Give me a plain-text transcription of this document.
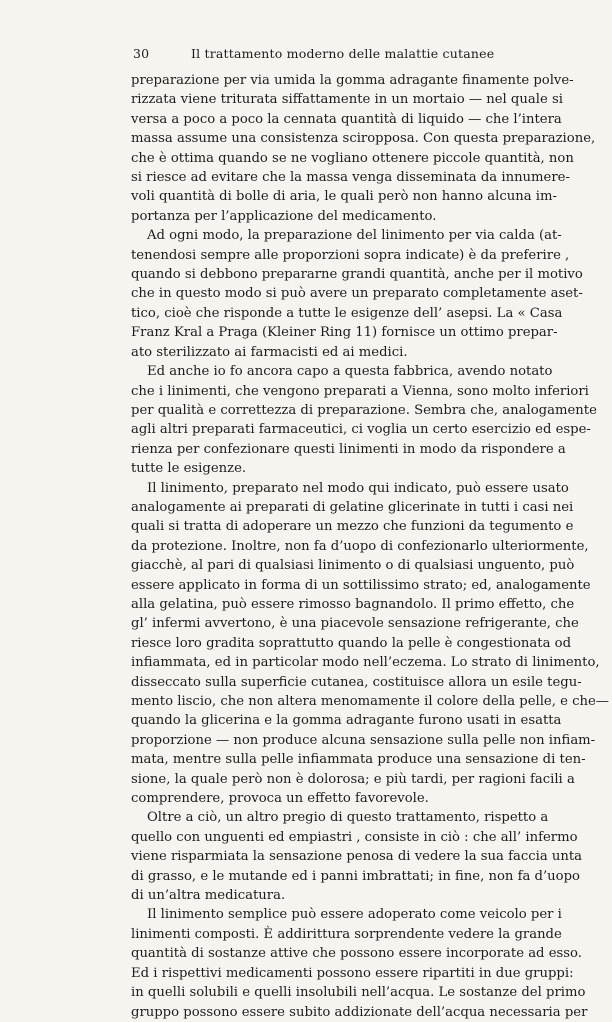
30	Il trattamento moderno delle malattie cutanee
preparazione per via umida la gomma adragante finamente polve-
rizzata viene triturata siffattamente in un mortaio — nel quale si
versa a poco a poco la cennata quantità di liquido — che l’intera
massa assume una consistenza sciropposa. Con questa preparazione,
che è ottima quando se ne vogliano ottenere piccole quantità, non
si riesce ad evitare che la massa venga disseminata da innumere-
voli quantità di bolle di aria, le quali però non hanno alcuna im-
portanza per l’applicazione del medicamento.
Ad ogni modo, la preparazione del linimento per via calda (at-
tenendosi sempre alle proporzioni sopra indicate) è da preferire ,
quando si debbono prepararne grandi quantità, anche per il motivo
che in questo modo si può avere un preparato completamente aset-
tico, cioè che risponde a tutte le esigenze dell’ asepsi. La « Casa
Franz Kral a Praga (Kleiner Ring 11) fornisce un ottimo prepar-
ato sterilizzato ai farmacisti ed ai medici.
Ed anche io fo ancora capo a questa fabbrica, avendo notato
che i linimenti, che vengono preparati a Vienna, sono molto inferiori
per qualità e correttezza di preparazione. Sembra che, analogamente
agli altri preparati farmaceutici, ci voglia un certo esercizio ed espe-
rienza per confezionare questi linimenti in modo da rispondere a
tutte le esigenze.
Il linimento, preparato nel modo qui indicato, può essere usato
analogamente ai preparati di gelatine glicerinate in tutti i casi nei
quali si tratta di adoperare un mezzo che funzioni da tegumento e
da protezione. Inoltre, non fa d’uopo di confezionarlo ulteriormente,
giacchè, al pari di qualsiasi linimento o di qualsiasi unguento, può
essere applicato in forma di un sottilissimo strato; ed, analogamente
alla gelatina, può essere rimosso bagnandolo. Il primo effetto, che
gl’ infermi avvertono, è una piacevole sensazione refrigerante, che
riesce loro gradita soprattutto quando la pelle è congestionata od
infiammata, ed in particolar modo nell’eczema. Lo strato di linimento,
disseccato sulla superficie cutanea, costituisce allora un esile tegu-
mento liscio, che non altera menomamente il colore della pelle, e che—
quando la glicerina e la gomma adragante furono usati in esatta
proporzione — non produce alcuna sensazione sulla pelle non infiam-
mata, mentre sulla pelle infiammata produce una sensazione di ten-
sione, la quale però non è dolorosa; e più tardi, per ragioni facili a
comprendere, provoca un effetto favorevole.
Oltre a ciò, un altro pregio di questo trattamento, rispetto a
quello con unguenti ed empiastri , consiste in ciò : che all’ infermo
viene risparmiata la sensazione penosa di vedere la sua faccia unta
di grasso, e le mutande ed i panni imbrattati; in fine, non fa d’uopo
di un’altra medicatura.
Il linimento semplice può essere adoperato come veicolo per i
linimenti composti. È addirittura sorprendente vedere la grande
quantità di sostanze attive che possono essere incorporate ad esso.
Ed i rispettivi medicamenti possono essere ripartiti in due gruppi:
in quelli solubili e quelli insolubili nell’acqua. Le sostanze del primo
gruppo possono essere subito addizionate dell’acqua necessaria per
